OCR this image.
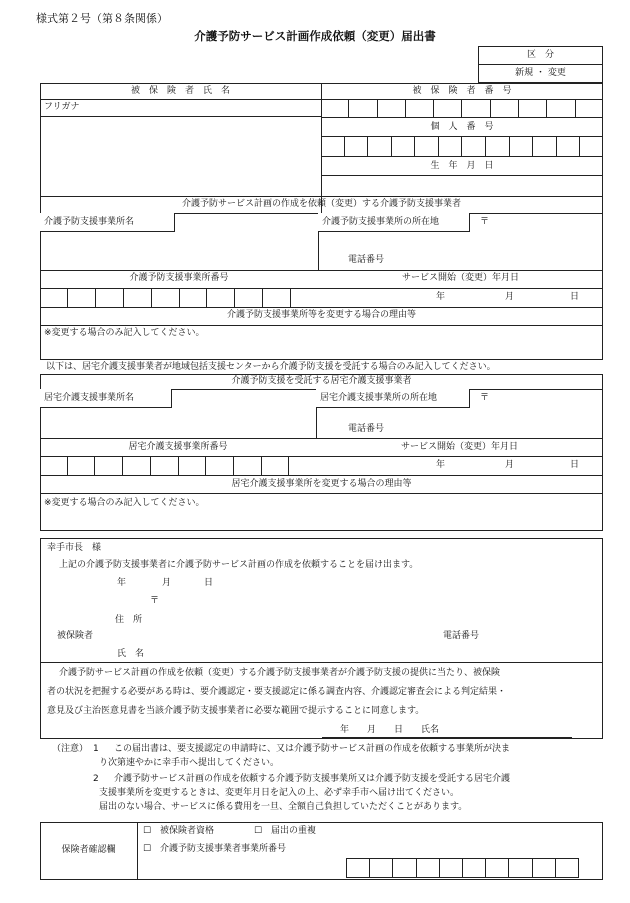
様式第２号（第８条関係）
介護予防サービス計画作成依頼（変更）届出書
区　分
新規 ・ 変更
被　保　険　者　氏　名	被　保　険　者　番　号
フリガナ
個　人　番　号
生　年　月　日
介護予防サービス計画の作成を依頼（変更）する介護予防支援事業者
介護予防支援事業所名	介護予防支援事業所の所在地	〒
電話番号
介護予防支援事業所番号	サービス開始（変更）年月日
年	月	日
介護予防支援事業所等を変更する場合の理由等
※変更する場合のみ記入してください。
以下は、居宅介護支援事業者が地域包括支援センターから介護予防支援を受託する場合のみ記入してください。
介護予防支援を受託する居宅介護支援事業者
居宅介護支援事業所名	居宅介護支援事業所の所在地	〒
電話番号
居宅介護支援事業所番号	サービス開始（変更）年月日
年	月	日
居宅介護支援事業所を変更する場合の理由等
※変更する場合のみ記入してください。
幸手市長　様
上記の介護予防支援事業者に介護予防サービス計画の作成を依頼することを届け出ます。
年	月	日
〒
住　所
被保険者	電話番号
氏　名
介護予防サービス計画の作成を依頼（変更）する介護予防支援事業者が介護予防支援の提供に当たり、被保険
者の状況を把握する必要がある時は、要介護認定・要支援認定に係る調査内容、介護認定審査会による判定結果・
意見及び主治医意見書を当該介護予防支援事業者に必要な範囲で提示することに同意します。
年　　月　　日　　氏名
（注意） 1 この届出書は、要支援認定の申請時に、又は介護予防サービス計画の作成を依頼する事業所が決ま
り次第速やかに幸手市へ提出してください。
2 介護予防サービス計画の作成を依頼する介護予防支援事業所又は介護予防支援を受託する居宅介護
支援事業所を変更するときは、変更年月日を記入の上、必ず幸手市へ届け出てください。
届出のない場合、サービスに係る費用を一旦、全額自己負担していただくことがあります。
保険者確認欄
☐ 被保険者資格	☐ 届出の重複
☐ 介護予防支援事業者事業所番号
